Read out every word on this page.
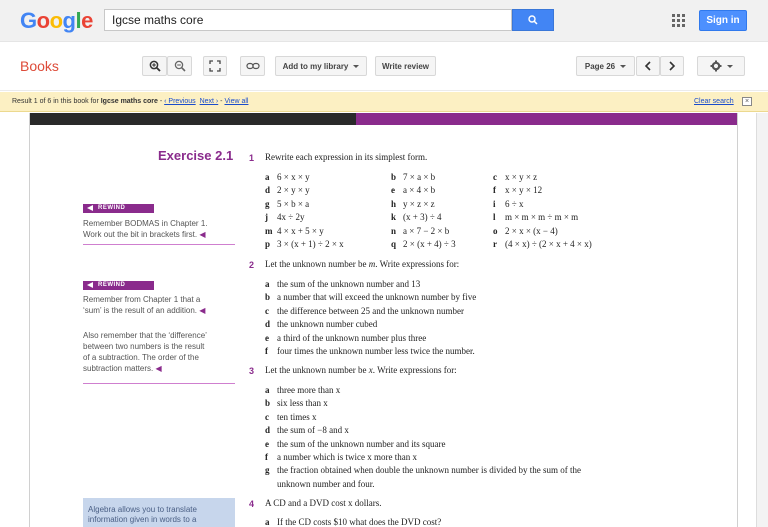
Google
Igcse maths core	Sign in
Books	Add to my library	Write review	Page 26
Result 1 of 6 in this book for Igcse maths core - ‹ Previous Next › - View all	Clear search	×
Exercise 2.1
REWIND
Remember BODMAS in Chapter 1.
Work out the bit in brackets first. ◀
REWIND
Remember from Chapter 1 that a
‘sum’ is the result of an addition. ◀
Also remember that the ‘difference’
between two numbers is the result
of a subtraction. The order of the
subtraction matters. ◀
Algebra allows you to translate
information given in words to a
1 Rewrite each expression in its simplest form.
a 6 × x × y	b 7 × a × b	c x × y × z
d 2 × y × y	e a × 4 × b	f x × y × 12
g 5 × b × a	h y × z × z	i 6 ÷ x
j 4x ÷ 2y	k (x + 3) ÷ 4	l m × m × m ÷ m × m
m 4 × x + 5 × y	n a × 7 − 2 × b	o 2 × x × (x − 4)
p 3 × (x + 1) ÷ 2 × x	q 2 × (x + 4) ÷ 3	r (4 × x) ÷ (2 × x + 4 × x)
2 Let the unknown number be m. Write expressions for:
a the sum of the unknown number and 13
b a number that will exceed the unknown number by five
c the difference between 25 and the unknown number
d the unknown number cubed
e a third of the unknown number plus three
f four times the unknown number less twice the number.
3 Let the unknown number be x. Write expressions for:
a three more than x
b six less than x
c ten times x
d the sum of −8 and x
e the sum of the unknown number and its square
f a number which is twice x more than x
g the fraction obtained when double the unknown number is divided by the sum of the
unknown number and four.
4 A CD and a DVD cost x dollars.
a If the CD costs $10 what does the DVD cost?
